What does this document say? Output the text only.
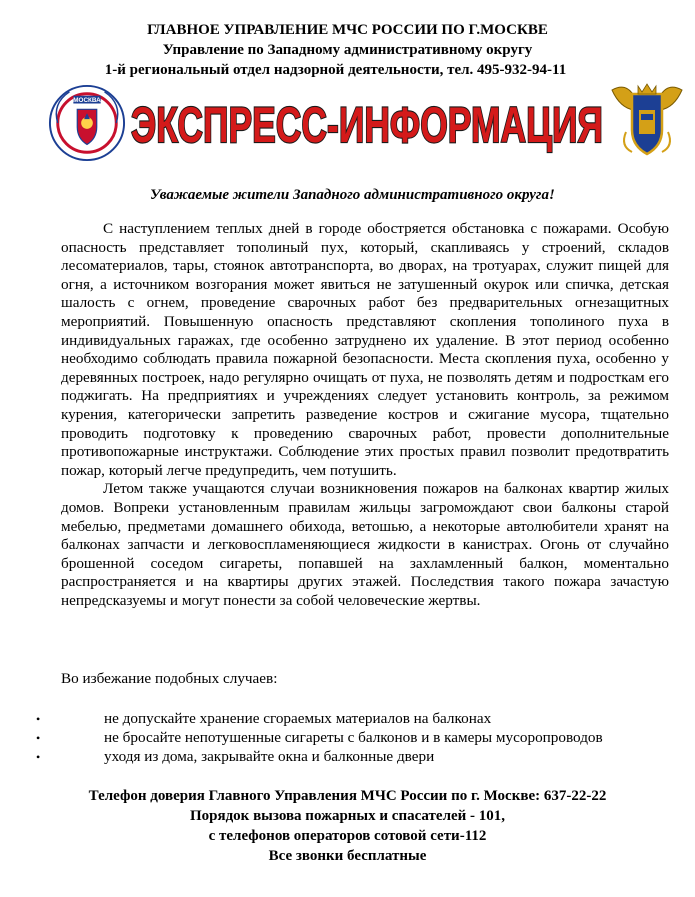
ГЛАВНОЕ УПРАВЛЕНИЕ МЧС РОССИИ ПО Г.МОСКВЕ
Управление по Западному административному округу
1-й региональный отдел надзорной деятельности, тел. 495-932-94-11
МОСКВА ЭКСПРЕСС-ИНФОРМАЦИЯ
Уважаемые жители Западного административного округа!

С наступлением теплых дней в городе обостряется обстановка с пожарами. Особую опасность представляет тополиный пух, который, скапливаясь у строений, складов лесоматериалов, тары, стоянок автотранспорта, во дворах, на тротуарах, служит пищей для огня, а источником возгорания может явиться не затушенный окурок или спичка, детская шалость с огнем, проведение сварочных работ без предварительных огнезащитных мероприятий. Повышенную опасность представляют скопления тополиного пуха в индивидуальных гаражах, где особенно затруднено их удаление. В этот период особенно необходимо соблюдать правила пожарной безопасности. Места скопления пуха, особенно у деревянных построек, надо регулярно очищать от пуха, не позволять детям и подросткам его поджигать. На предприятиях и учреждениях следует установить контроль, за режимом курения, категорически запретить разведение костров и сжигание мусора, тщательно проводить подготовку к проведению сварочных работ, провести дополнительные противопожарные инструктажи. Соблюдение этих простых правил позволит предотвратить пожар, который легче предупредить, чем потушить.

Летом также учащаются случаи возникновения пожаров на балконах квартир жилых домов. Вопреки установленным правилам жильцы загромождают свои балконы старой мебелью, предметами домашнего обихода, ветошью, а некоторые автолюбители хранят на балконах запчасти и легковоспламеняющиеся жидкости в канистрах. Огонь от случайно брошенной соседом сигареты, попавшей на захламленный балкон, моментально распространяется и на квартиры других этажей. Последствия такого пожара зачастую непредсказуемы и могут понести за собой человеческие жертвы.

Во избежание подобных случаев:
•	не допускайте хранение сгораемых материалов на балконах
•	не бросайте непотушенные сигареты с балконов и в камеры мусоропроводов
•	уходя из дома, закрывайте окна и балконные двери
Телефон доверия Главного Управления МЧС России по г. Москве: 637-22-22
Порядок вызова пожарных и спасателей - 101,
с телефонов операторов сотовой сети-112
Все звонки бесплатные
